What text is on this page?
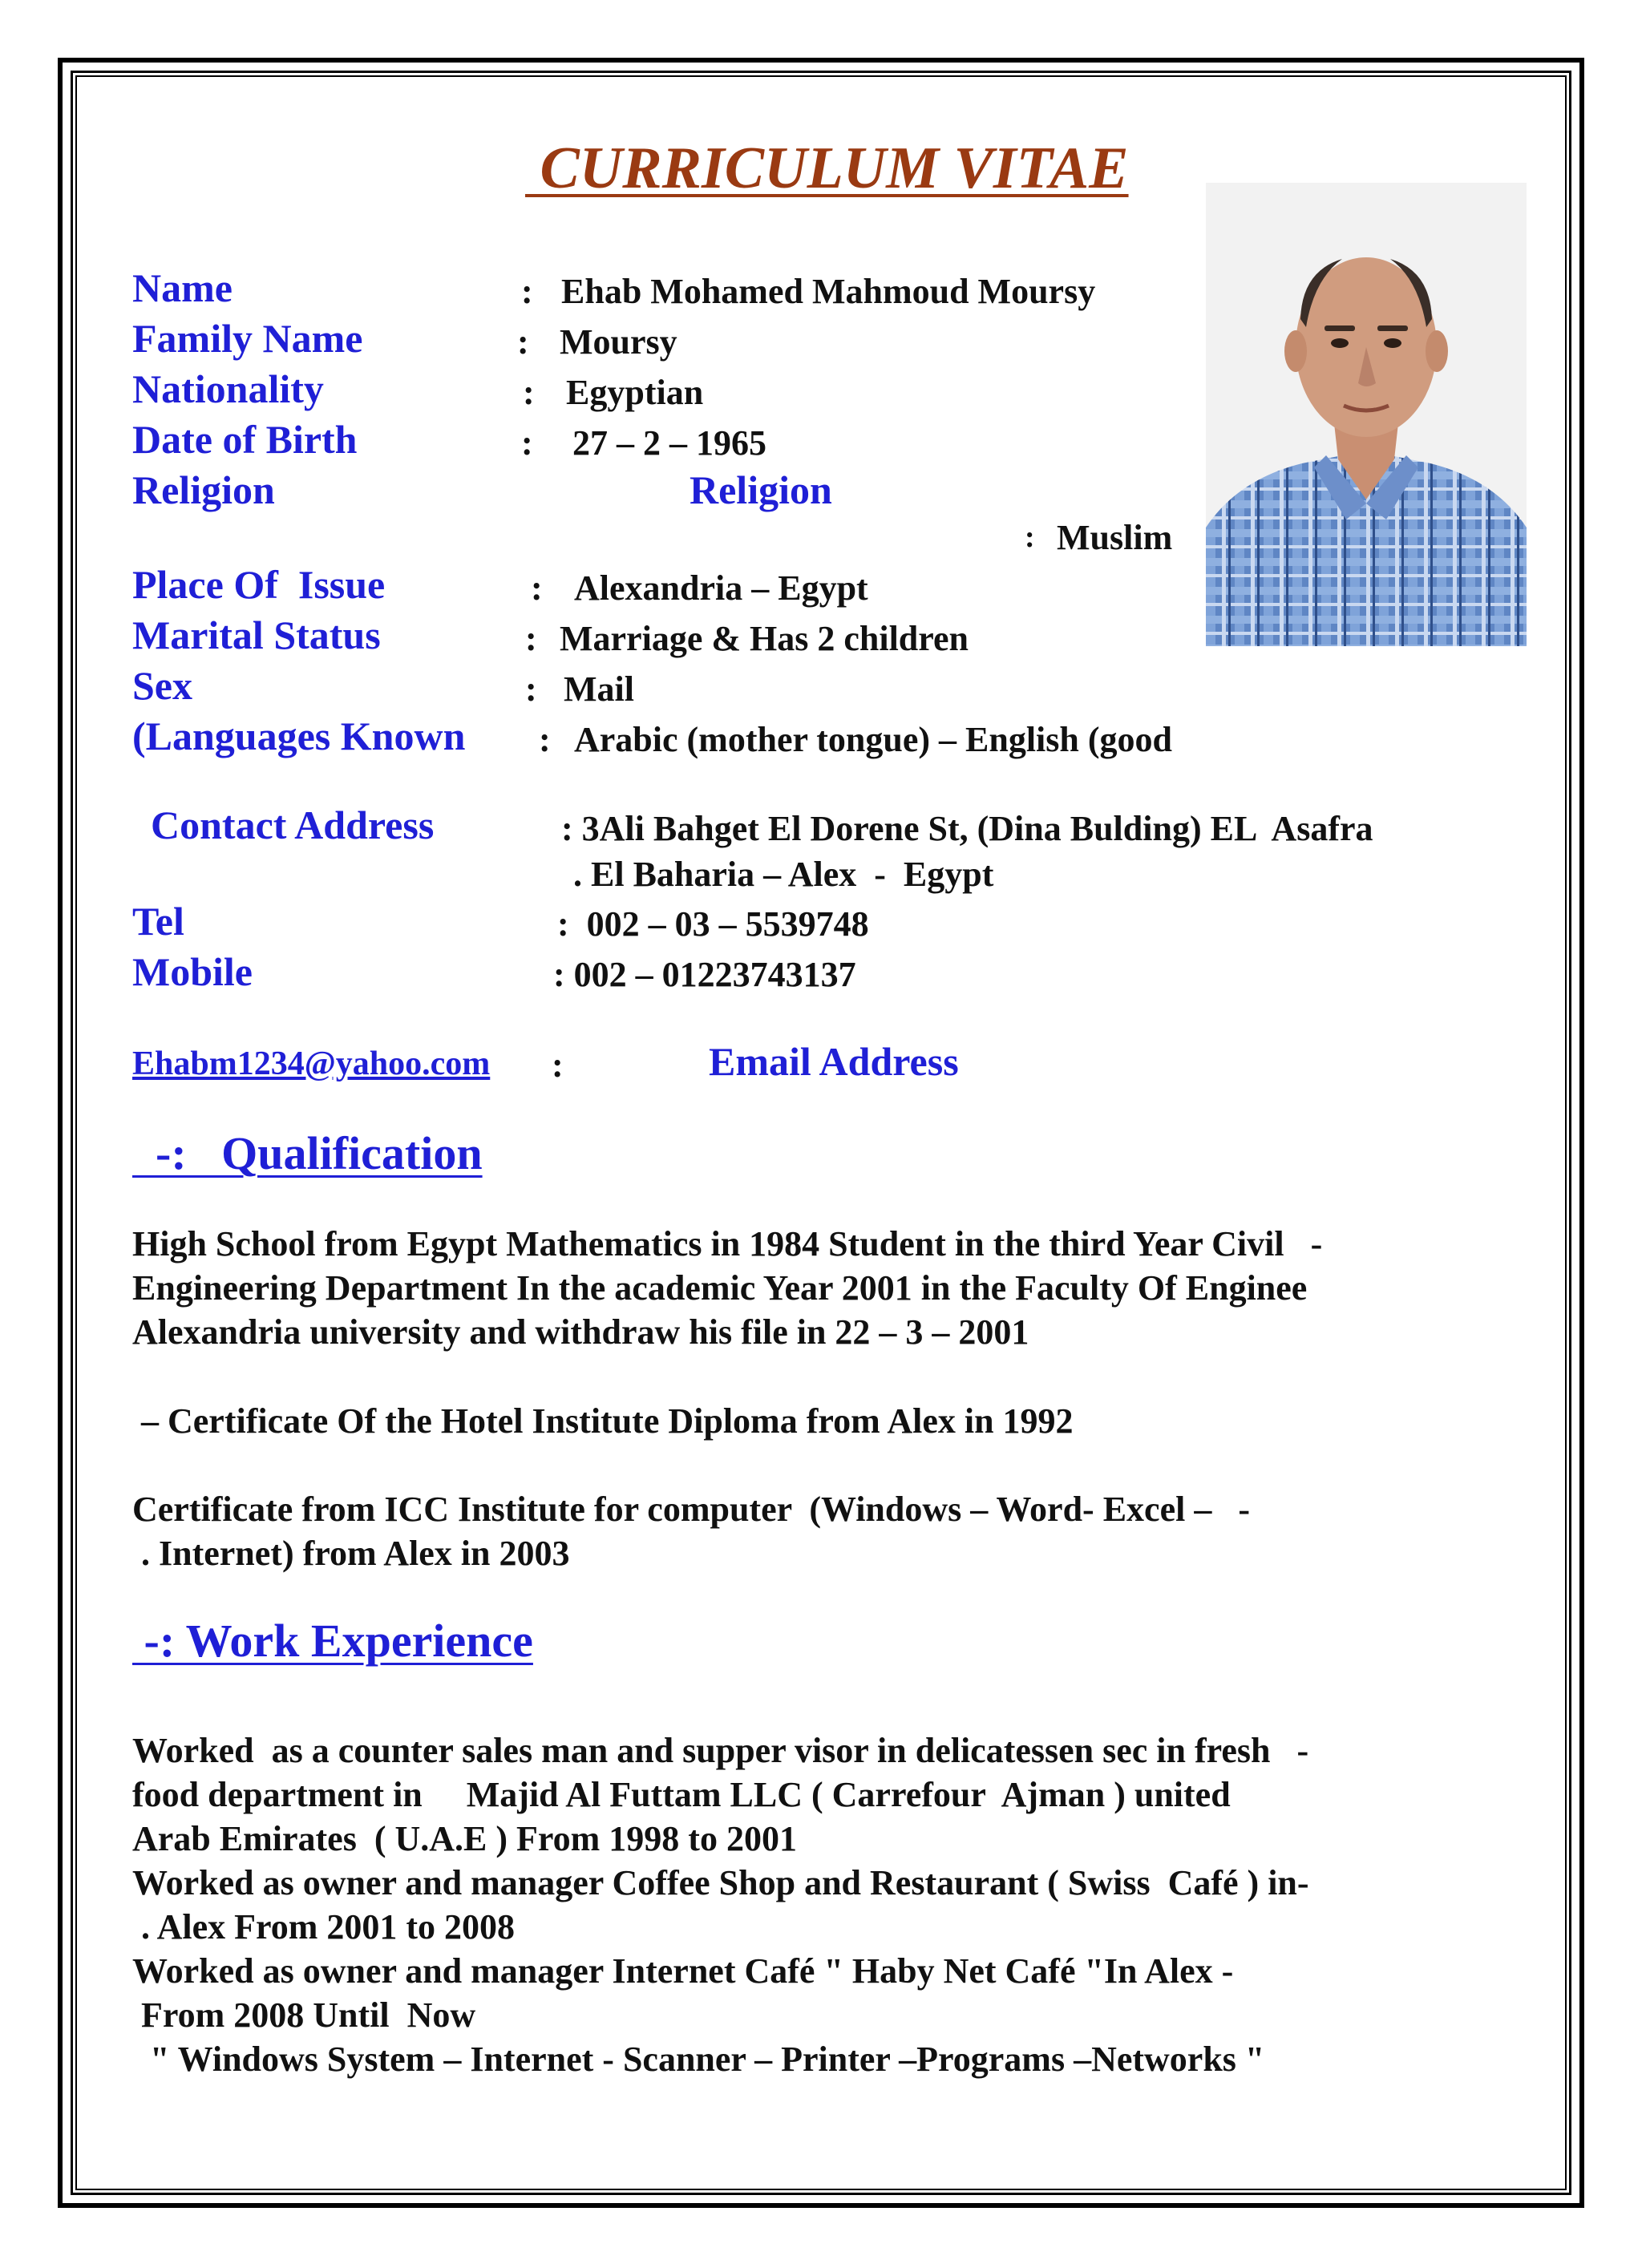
CURRICULUM VITAE
Name	: Ehab Mohamed Mahmoud Moursy
Family Name	: Moursy
Nationality	: Egyptian
Date of Birth	: 27 – 2 – 1965
Religion	Religion
: Muslim
Place Of  Issue	: Alexandria – Egypt
Marital Status	: Marriage & Has 2 children
Sex	: Mail
(Languages Known : Arabic (mother tongue) – English (good
Contact Address	: 3Ali Bahget El Dorene St, (Dina Bulding) EL  Asafra
. El Baharia – Alex  -  Egypt
Tel	:  002 – 03 – 5539748
Mobile	: 002 – 01223743137
Ehabm1234@yahoo.com :	Email Address
-:   Qualification
High School from Egypt Mathematics in 1984 Student in the third Year Civil   -
Engineering Department In the academic Year 2001 in the Faculty Of Enginee
Alexandria university and withdraw his file in 22 – 3 – 2001
– Certificate Of the Hotel Institute Diploma from Alex in 1992
Certificate from ICC Institute for computer  (Windows – Word- Excel –   -
. Internet) from Alex in 2003
-: Work Experience
Worked  as a counter sales man and supper visor in delicatessen sec in fresh   -
food department in     Majid Al Futtam LLC ( Carrefour  Ajman ) united
Arab Emirates  ( U.A.E ) From 1998 to 2001
Worked as owner and manager Coffee Shop and Restaurant ( Swiss  Café ) in-
. Alex From 2001 to 2008
Worked as owner and manager Internet Café " Haby Net Café "In Alex -
From 2008 Until  Now
" Windows System – Internet - Scanner – Printer –Programs –Networks "
